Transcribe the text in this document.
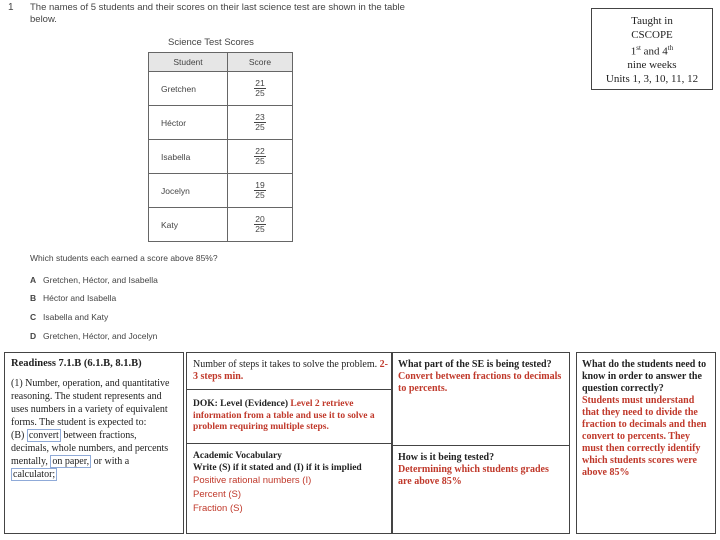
1 The names of 5 students and their scores on their last science test are shown in the table below.
Science Test Scores
Student	Score
Gretchen	$\frac{21}{25}$

Héctor	$\frac{23}{25}$

Isabella	$\frac{22}{25}$

Jocelyn	$\frac{19}{25}$

Katy	$\frac{20}{25}$
Which students each earned a score above 85%?
A Gretchen, Héctor, and Isabella
B Héctor and Isabella
C Isabella and Katy
D Gretchen, Héctor, and Jocelyn
Taught in
CSCOPE
1st and 4th
nine weeks
Units 1, 3, 10, 11, 12
Readiness 7.1.B (6.1.B, 8.1.B)
(1) Number, operation, and quantitative reasoning. The student represents and uses numbers in a variety of equivalent forms. The student is expected to:
(B) convert between fractions, decimals, whole numbers, and percents mentally, on paper, or with a calculator;
Number of steps it takes to solve the problem. 2-3 steps min.
DOK: Level (Evidence) Level 2 retrieve information from a table and use it to solve a problem requiring multiple steps.
Academic Vocabulary
Write (S) if it stated and (I) if it is implied
Positive rational numbers (I)
Percent (S)
Fraction (S)
What part of the SE is being tested?
Convert between fractions to decimals to percents.
How is it being tested?
Determining which students grades are above 85%
What do the students need to know in order to answer the question correctly?
Students must understand that they need to divide the fraction to decimals and then convert to percents. They must then correctly identify which students scores were above 85%
